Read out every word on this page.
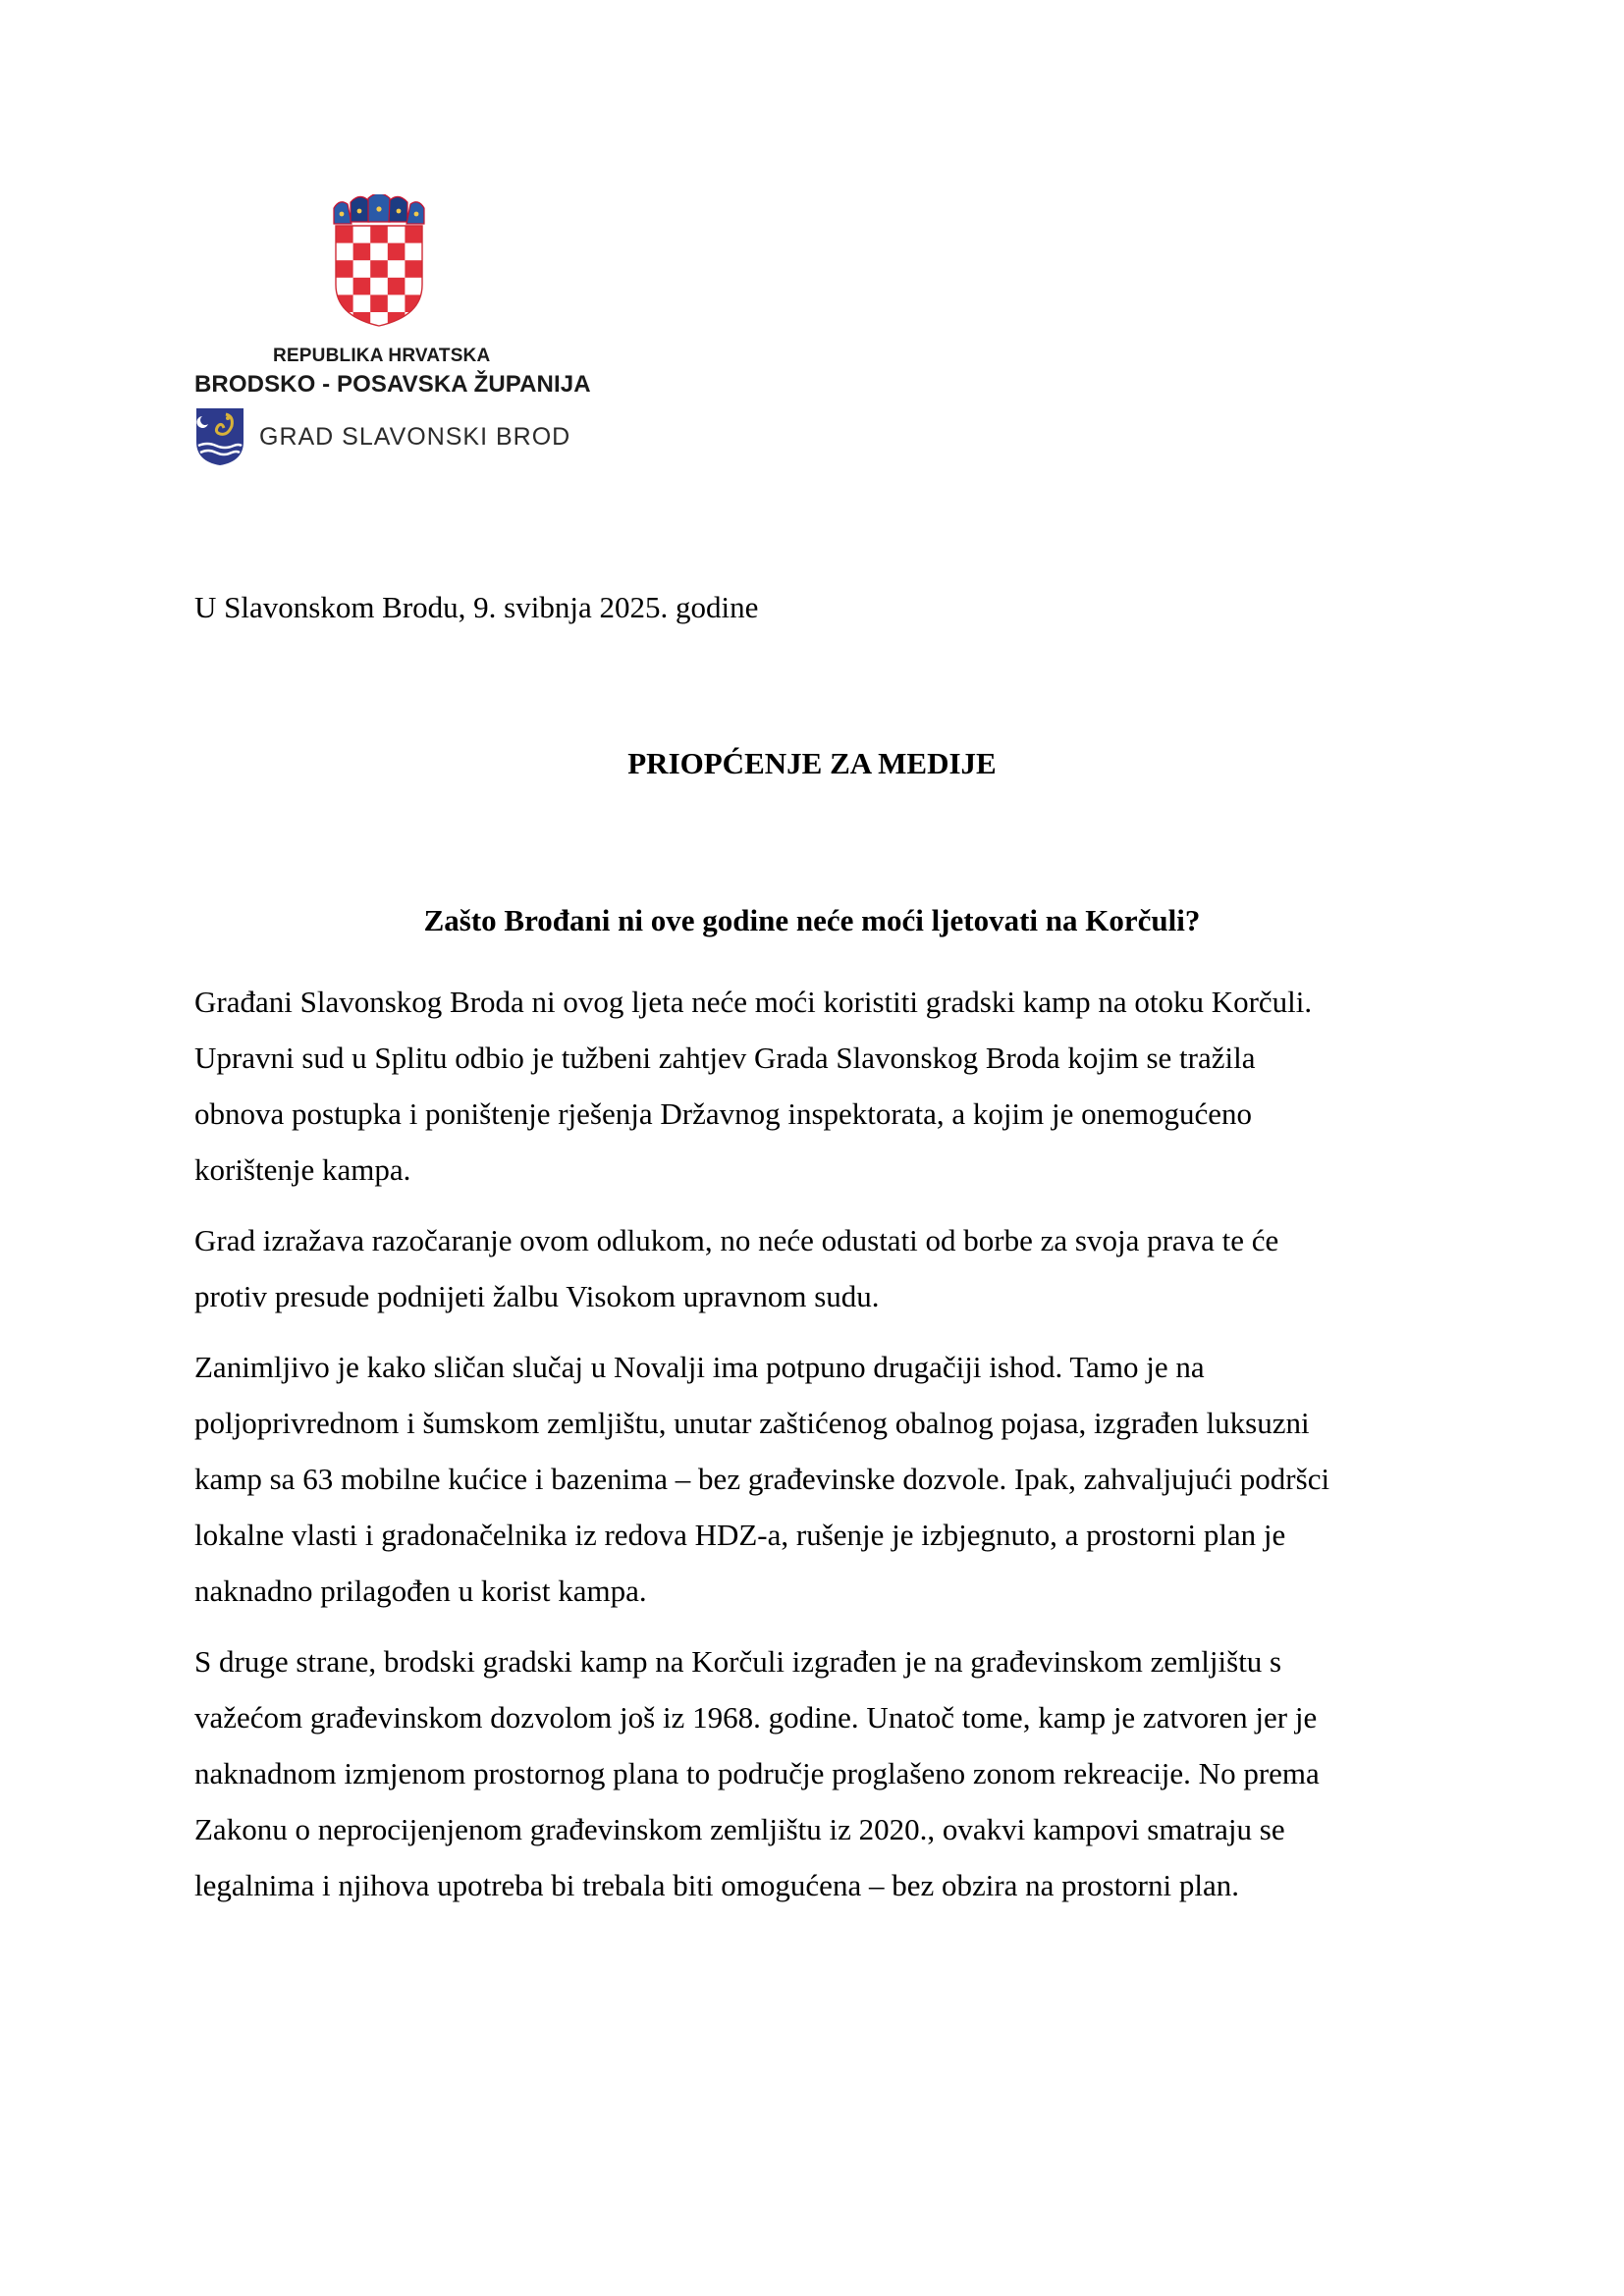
REPUBLIKA HRVATSKA
BRODSKO - POSAVSKA ŽUPANIJA
GRAD SLAVONSKI BROD
U Slavonskom Brodu, 9. svibnja 2025. godine
PRIOPĆENJE ZA MEDIJE
Zašto Brođani ni ove godine neće moći ljetovati na Korčuli?

Građani Slavonskog Broda ni ovog ljeta neće moći koristiti gradski kamp na otoku Korčuli.
Upravni sud u Splitu odbio je tužbeni zahtjev Grada Slavonskog Broda kojim se tražila
obnova postupka i poništenje rješenja Državnog inspektorata, a kojim je onemogućeno
korištenje kampa.

Grad izražava razočaranje ovom odlukom, no neće odustati od borbe za svoja prava te će
protiv presude podnijeti žalbu Visokom upravnom sudu.

Zanimljivo je kako sličan slučaj u Novalji ima potpuno drugačiji ishod. Tamo je na
poljoprivrednom i šumskom zemljištu, unutar zaštićenog obalnog pojasa, izgrađen luksuzni
kamp sa 63 mobilne kućice i bazenima – bez građevinske dozvole. Ipak, zahvaljujući podršci
lokalne vlasti i gradonačelnika iz redova HDZ-a, rušenje je izbjegnuto, a prostorni plan je
naknadno prilagođen u korist kampa.

S druge strane, brodski gradski kamp na Korčuli izgrađen je na građevinskom zemljištu s
važećom građevinskom dozvolom još iz 1968. godine. Unatoč tome, kamp je zatvoren jer je
naknadnom izmjenom prostornog plana to područje proglašeno zonom rekreacije. No prema
Zakonu o neprocijenjenom građevinskom zemljištu iz 2020., ovakvi kampovi smatraju se
legalnima i njihova upotreba bi trebala biti omogućena – bez obzira na prostorni plan.
